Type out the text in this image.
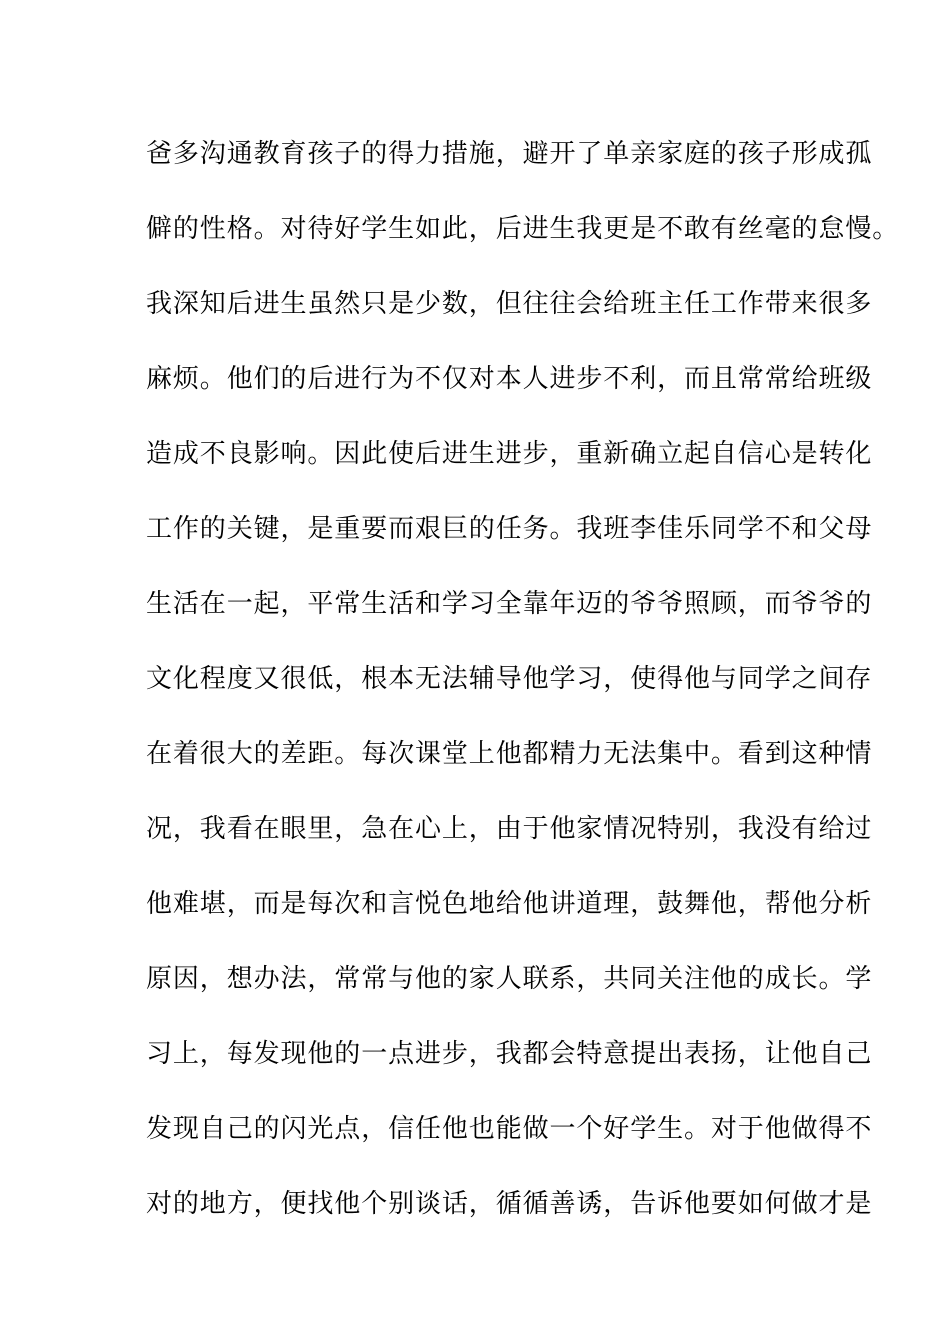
爸多沟通教育孩子的得力措施，避开了单亲家庭的孩子形成孤
僻的性格。对待好学生如此，后进生我更是不敢有丝毫的怠慢。
我深知后进生虽然只是少数，但往往会给班主任工作带来很多
麻烦。他们的后进行为不仅对本人进步不利，而且常常给班级
造成不良影响。因此使后进生进步，重新确立起自信心是转化
工作的关键，是重要而艰巨的任务。我班李佳乐同学不和父母
生活在一起，平常生活和学习全靠年迈的爷爷照顾，而爷爷的
文化程度又很低，根本无法辅导他学习，使得他与同学之间存
在着很大的差距。每次课堂上他都精力无法集中。看到这种情
况，我看在眼里，急在心上，由于他家情况特别，我没有给过
他难堪，而是每次和言悦色地给他讲道理，鼓舞他，帮他分析
原因，想办法，常常与他的家人联系，共同关注他的成长。学
习上，每发现他的一点进步，我都会特意提出表扬，让他自己
发现自己的闪光点，信任他也能做一个好学生。对于他做得不
对的地方，便找他个别谈话，循循善诱，告诉他要如何做才是
